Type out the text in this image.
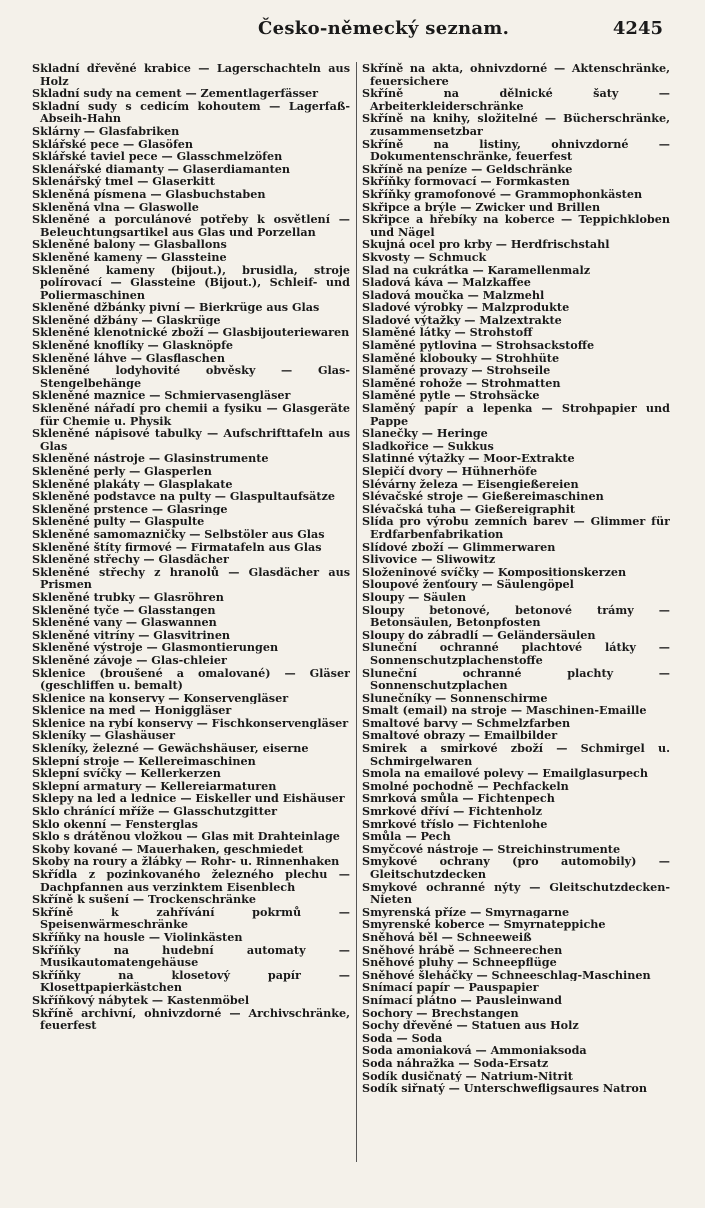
Česko-německý seznam.	4245
Skladní dřevěné krabice — Lagerschachteln aus Holz
Skladní sudy na cement — Zementlagerfässer
Skladní sudy s cedicím kohoutem — Lagerfaß-Abseih-Hahn
Sklárny — Glasfabriken
Sklářské pece — Glasöfen
Sklářské taviel pece — Glasschmelzöfen
Sklenářské diamanty — Glaserdiamanten
Sklenářský tmel — Glaserkitt
Skleněná písmena — Glasbuchstaben
Skleněná vlna — Glaswolle
Skleněné a porculánové potřeby k osvětlení — Beleuchtungsartikel aus Glas und Porzellan
Skleněné balony — Glasballons
Skleněné kameny — Glassteine
Skleněné kameny (bijout.), brusidla, stroje polírovací — Glassteine (Bijout.), Schleif- und Poliermaschinen
Skleněné džbánky pivní — Bierkrüge aus Glas
Skleněné džbány — Glaskrüge
Skleněné klenotnické zboží — Glasbijouteriewaren
Skleněné knoflíky — Glasknöpfe
Skleněné láhve — Glasflaschen
Skleněné lodyhovité obvěsky — Glas-Stengelbehänge
Skleněné maznice — Schmiervasengläser
Skleněné nářadí pro chemii a fysiku — Glasgeräte für Chemie u. Physik
Skleněné nápisové tabulky — Aufschrifttafeln aus Glas
Skleněné nástroje — Glasinstrumente
Skleněné perly — Glasperlen
Skleněné plakáty — Glasplakate
Skleněné podstavce na pulty — Glaspultaufsätze
Skleněné prstence — Glasringe
Skleněné pulty — Glaspulte
Skleněné samomazničky — Selbstöler aus Glas
Skleněné štíty firmové — Firmatafeln aus Glas
Skleněné střechy — Glasdächer
Skleněné střechy z hranolů — Glasdächer aus Prismen
Skleněné trubky — Glasröhren
Skleněné tyče — Glasstangen
Skleněné vany — Glaswannen
Skleněné vitríny — Glasvitrinen
Skleněné výstroje — Glasmontierungen
Skleněné závoje — Glas-chleier
Sklenice (broušené a omalované) — Gläser (geschliffen u. bemalt)
Sklenice na konservy — Konservengläser
Sklenice na med — Honiggläser
Sklenice na rybí konservy — Fischkonservengläser
Skleníky — Glashäuser
Skleníky, železné — Gewächshäuser, eiserne
Sklepní stroje — Kellereimaschinen
Sklepní svíčky — Kellerkerzen
Sklepní armatury — Kellereiarmaturen
Sklepy na led a lednice — Eiskeller und Eishäuser
Sklo chránící mříže — Glasschutzgitter
Sklo okenní — Fensterglas
Sklo s drátěnou vložkou — Glas mit Drahteinlage
Skoby kované — Mauerhaken, geschmiedet
Skoby na roury a žlábky — Rohr- u. Rinnenhaken
Skřídla z pozinkovaného železného plechu — Dachpfannen aus verzinktem Eisenblech
Skříně k sušení — Trockenschränke
Skříně k zahřívání pokrmů — Speisenwärmeschränke
Skříňky na housle — Violinkästen
Skříňky na hudební automaty — Musikautomatengehäuse
Skříňky na klosetový papír — Klosettpapierkästchen
Skříňkový nábytek — Kastenmöbel
Skříně archivní, ohnivzdorné — Archivschränke, feuerfest
Skříně na akta, ohnivzdorné — Aktenschränke, feuersichere
Skříně na dělnické šaty — Arbeiterkleiderschränke
Skříně na knihy, složitelné — Bücherschränke, zusammensetzbar
Skříně na listiny, ohnivzdorné — Dokumentenschränke, feuerfest
Skříně na peníze — Geldschränke
Skříňky formovací — Formkasten
Skříňky gramofonové — Grammophonkästen
Skřipce a brýle — Zwicker und Brillen
Skřipce a hřebíky na koberce — Teppichkloben und Nägel
Skujná ocel pro krby — Herdfrischstahl
Skvosty — Schmuck
Slad na cukrátka — Karamellenmalz
Sladová káva — Malzkaffee
Sladová moučka — Malzmehl
Sladové výrobky — Malzprodukte
Sladové výtažky — Malzextrakte
Slaměné látky — Strohstoff
Slaměné pytlovina — Strohsackstoffe
Slaměné klobouky — Strohhüte
Slaměné provazy — Strohseile
Slaměné rohože — Strohmatten
Slaměné pytle — Strohsäcke
Slaměný papír a lepenka — Strohpapier und Pappe
Slanečky — Heringe
Sladkořice — Sukkus
Slatinné výtažky — Moor-Extrakte
Slepičí dvory — Hühnerhöfe
Slévárny železa — Eisengießereien
Slévačské stroje — Gießereimaschinen
Slévačská tuha — Gießereigraphit
Slída pro výrobu zemních barev — Glimmer für Erdfarbenfabrikation
Slídové zboží — Glimmerwaren
Slivovice — Sliwowitz
Složeninové svíčky — Kompositionskerzen
Sloupové ženťoury — Säulengöpel
Sloupy — Säulen
Sloupy betonové, betonové trámy — Betonsäulen, Betonpfosten
Sloupy do zábradlí — Geländersäulen
Sluneční ochranné plachtové látky — Sonnenschutzplachenstoffe
Sluneční ochranné plachty — Sonnenschutzplachen
Slunečníky — Sonnenschirme
Smalt (email) na stroje — Maschinen-Emaille
Smaltové barvy — Schmelzfarben
Smaltové obrazy — Emailbilder
Smirek a smirkové zboží — Schmirgel u. Schmirgelwaren
Smola na emailové polevy — Emailglasurpech
Smolné pochodně — Pechfackeln
Smrková smůla — Fichtenpech
Smrkové dříví — Fichtenholz
Smrkové tříslo — Fichtenlohe
Smůla — Pech
Smyčcové nástroje — Streichinstrumente
Smykové ochrany (pro automobily) — Gleitschutzdecken
Smykové ochranné nýty — Gleitschutzdecken-Nieten
Smyrenská příze — Smyrnagarne
Smyrenské koberce — Smyrnateppiche
Sněhová běl — Schneeweiß
Sněhové hrábě — Schneerechen
Sněhové pluhy — Schneepflüge
Sněhové šleháčky — Schneeschlag-Maschinen
Snímací papír — Pauspapier
Snímací plátno — Pausleinwand
Sochory — Brechstangen
Sochy dřevěné — Statuen aus Holz
Soda — Soda
Soda amoniaková — Ammoniaksoda
Soda náhražka — Soda-Ersatz
Sodík dusičnatý — Natrium-Nitrit
Sodík siřnatý — Unterschwefligsaures Natron
